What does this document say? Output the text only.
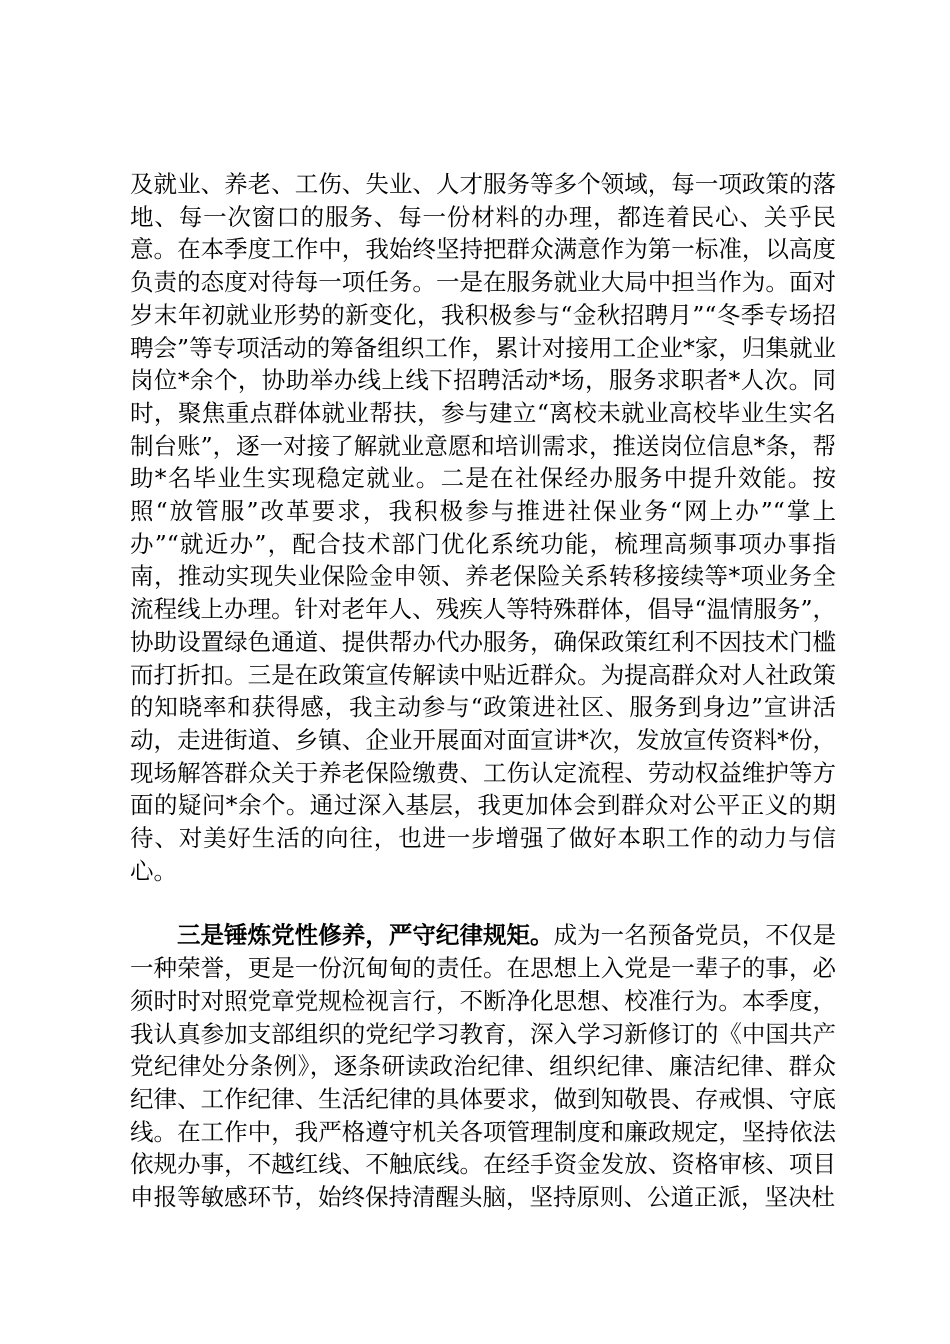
及就业、养老、工伤、失业、人才服务等多个领域，每一项政策的落地、每一次窗口的服务、每一份材料的办理，都连着民心、关乎民意。在本季度工作中，我始终坚持把群众满意作为第一标准，以高度负责的态度对待每一项任务。一是在服务就业大局中担当作为。面对岁末年初就业形势的新变化，我积极参与“金秋招聘月”“冬季专场招聘会”等专项活动的筹备组织工作，累计对接用工企业*家，归集就业岗位*余个，协助举办线上线下招聘活动*场，服务求职者*人次。同时，聚焦重点群体就业帮扶，参与建立“离校未就业高校毕业生实名制台账”，逐一对接了解就业意愿和培训需求，推送岗位信息*条，帮助*名毕业生实现稳定就业。二是在社保经办服务中提升效能。按照“放管服”改革要求，我积极参与推进社保业务“网上办”“掌上办”“就近办”，配合技术部门优化系统功能，梳理高频事项办事指南，推动实现失业保险金申领、养老保险关系转移接续等*项业务全流程线上办理。针对老年人、残疾人等特殊群体，倡导“温情服务”，协助设置绿色通道、提供帮办代办服务，确保政策红利不因技术门槛而打折扣。三是在政策宣传解读中贴近群众。为提高群众对人社政策的知晓率和获得感，我主动参与“政策进社区、服务到身边”宣讲活动，走进街道、乡镇、企业开展面对面宣讲*次，发放宣传资料*份，现场解答群众关于养老保险缴费、工伤认定流程、劳动权益维护等方面的疑问*余个。通过深入基层，我更加体会到群众对公平正义的期待、对美好生活的向往，也进一步增强了做好本职工作的动力与信心。

三是锤炼党性修养，严守纪律规矩。成为一名预备党员，不仅是一种荣誉，更是一份沉甸甸的责任。在思想上入党是一辈子的事，必须时时对照党章党规检视言行，不断净化思想、校准行为。本季度，我认真参加支部组织的党纪学习教育，深入学习新修订的《中国共产党纪律处分条例》，逐条研读政治纪律、组织纪律、廉洁纪律、群众纪律、工作纪律、生活纪律的具体要求，做到知敬畏、存戒惧、守底线。在工作中，我严格遵守机关各项管理制度和廉政规定，坚持依法依规办事，不越红线、不触底线。在经手资金发放、资格审核、项目申报等敏感环节，始终保持清醒头脑，坚持原则、公道正派，坚决杜
